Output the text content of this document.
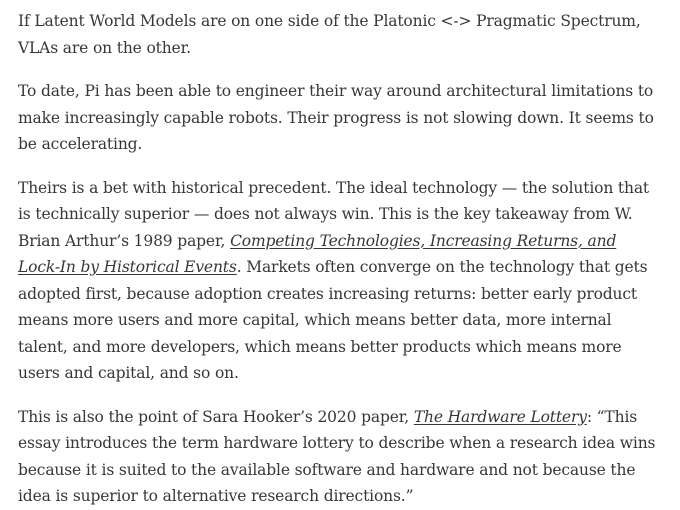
If Latent World Models are on one side of the Platonic <-> Pragmatic Spectrum, VLAs are on the other.

To date, Pi has been able to engineer their way around architectural limitations to make increasingly capable robots. Their progress is not slowing down. It seems to be accelerating.

Theirs is a bet with historical precedent. The ideal technology — the solution that is technically superior — does not always win. This is the key takeaway from W. Brian Arthur’s 1989 paper, Competing Technologies, Increasing Returns, and Lock-In by Historical Events. Markets often converge on the technology that gets adopted first, because adoption creates increasing returns: better early product means more users and more capital, which means better data, more internal talent, and more developers, which means better products which means more users and capital, and so on.

This is also the point of Sara Hooker’s 2020 paper, The Hardware Lottery: “This essay introduces the term hardware lottery to describe when a research idea wins because it is suited to the available software and hardware and not because the idea is superior to alternative research directions.”
